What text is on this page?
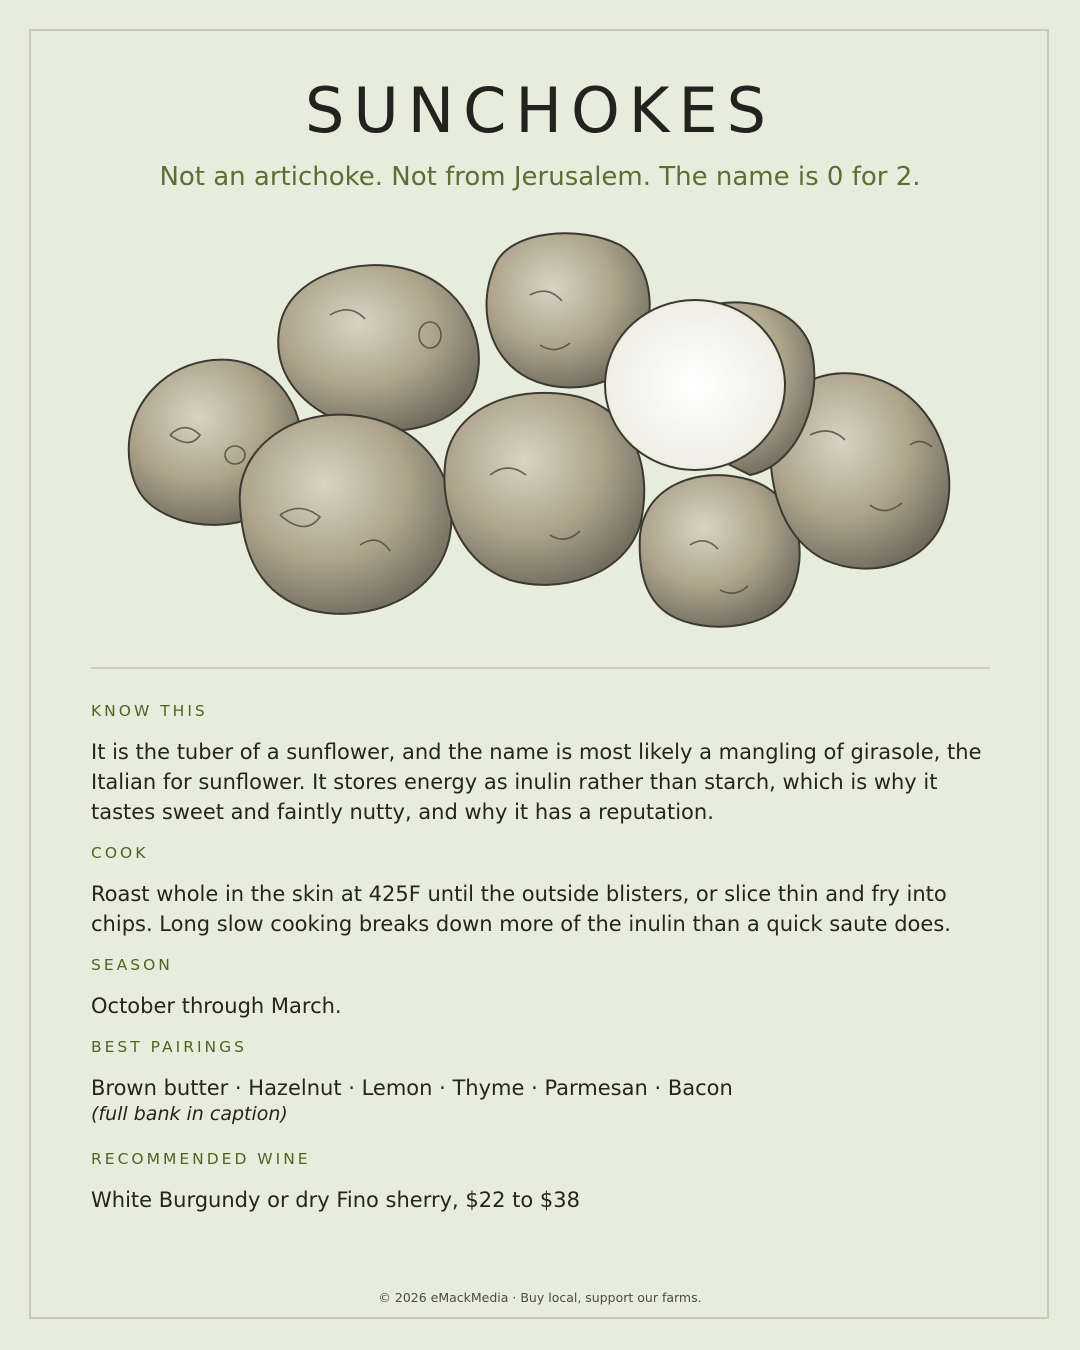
SUNCHOKES

Not an artichoke. Not from Jerusalem. The name is 0 for 2.

KNOW THIS

It is the tuber of a sunflower, and the name is most likely a mangling of girasole, the Italian for sunflower. It stores energy as inulin rather than starch, which is why it tastes sweet and faintly nutty, and why it has a reputation.

COOK

Roast whole in the skin at 425F until the outside blisters, or slice thin and fry into chips. Long slow cooking breaks down more of the inulin than a quick saute does.

SEASON

October through March.

BEST PAIRINGS

Brown butter · Hazelnut · Lemon · Thyme · Parmesan · Bacon

(full bank in caption)

RECOMMENDED WINE

White Burgundy or dry Fino sherry, $22 to $38

© 2026 eMackMedia · Buy local, support our farms.
